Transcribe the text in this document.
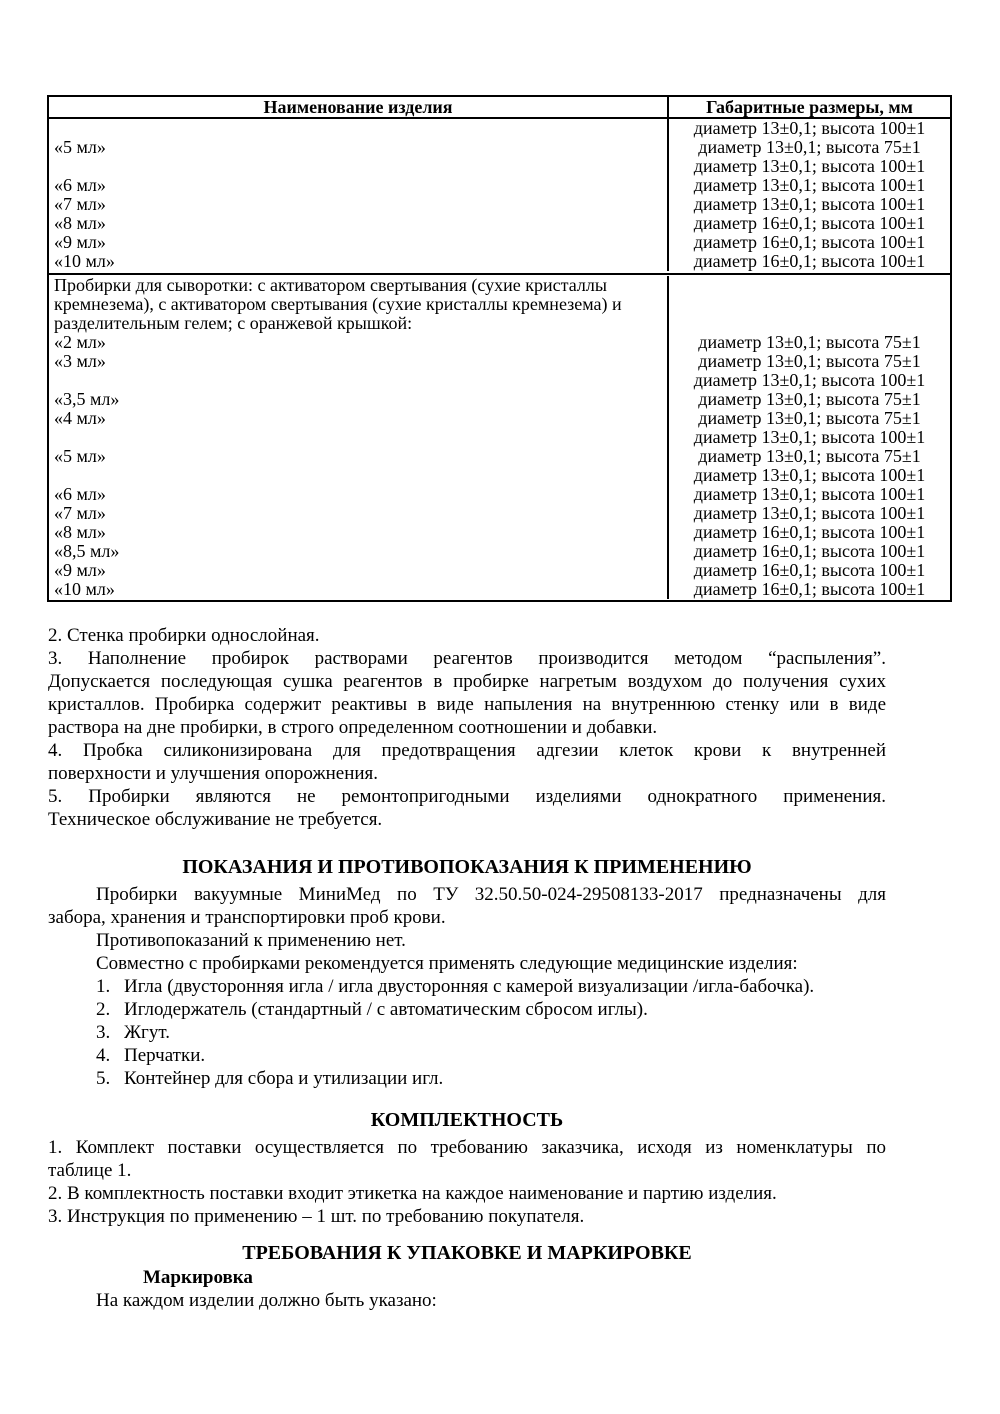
Наименование изделия	Габаритные размеры, мм
диаметр 13±0,1; высота 100±1
«5 мл»	диаметр 13±0,1; высота 75±1
диаметр 13±0,1; высота 100±1
«6 мл»	диаметр 13±0,1; высота 100±1
«7 мл»	диаметр 13±0,1; высота 100±1
«8 мл»	диаметр 16±0,1; высота 100±1
«9 мл»	диаметр 16±0,1; высота 100±1
«10 мл»	диаметр 16±0,1; высота 100±1
Пробирки для сыворотки: с активатором свертывания (сухие кристаллы
кремнезема), с активатором свертывания (сухие кристаллы кремнезема) и
разделительным гелем; с оранжевой крышкой:
«2 мл»	диаметр 13±0,1; высота 75±1
«3 мл»	диаметр 13±0,1; высота 75±1
диаметр 13±0,1; высота 100±1
«3,5 мл»	диаметр 13±0,1; высота 75±1
«4 мл»	диаметр 13±0,1; высота 75±1
диаметр 13±0,1; высота 100±1
«5 мл»	диаметр 13±0,1; высота 75±1
диаметр 13±0,1; высота 100±1
«6 мл»	диаметр 13±0,1; высота 100±1
«7 мл»	диаметр 13±0,1; высота 100±1
«8 мл»	диаметр 16±0,1; высота 100±1
«8,5 мл»	диаметр 16±0,1; высота 100±1
«9 мл»	диаметр 16±0,1; высота 100±1
«10 мл»	диаметр 16±0,1; высота 100±1
2. Стенка пробирки однослойная.
3. Наполнение пробирок растворами реагентов производится методом “распыления”.
Допускается последующая сушка реагентов в пробирке нагретым воздухом до получения сухих
кристаллов. Пробирка содержит реактивы в виде напыления на внутреннюю стенку или в виде
раствора на дне пробирки, в строго определенном соотношении и добавки.
4. Пробка силиконизирована для предотвращения адгезии клеток крови к внутренней
поверхности и улучшения опорожнения.
5. Пробирки являются не ремонтопригодными изделиями однократного применения.
Техническое обслуживание не требуется.
ПОКАЗАНИЯ И ПРОТИВОПОКАЗАНИЯ К ПРИМЕНЕНИЮ
Пробирки вакуумные МиниМед по ТУ 32.50.50-024-29508133-2017 предназначены для
забора, хранения и транспортировки проб крови.
Противопоказаний к применению нет.
Совместно с пробирками рекомендуется применять следующие медицинские изделия:
1. Игла (двусторонняя игла / игла двусторонняя с камерой визуализации /игла-бабочка).
2. Иглодержатель (стандартный / с автоматическим сбросом иглы).
3. Жгут.
4. Перчатки.
5. Контейнер для сбора и утилизации игл.
КОМПЛЕКТНОСТЬ
1. Комплект поставки осуществляется по требованию заказчика, исходя из номенклатуры по
таблице 1.
2. В комплектность поставки входит этикетка на каждое наименование и партию изделия.
3. Инструкция по применению – 1 шт. по требованию покупателя.
ТРЕБОВАНИЯ К УПАКОВКЕ И МАРКИРОВКЕ
Маркировка
На каждом изделии должно быть указано:
